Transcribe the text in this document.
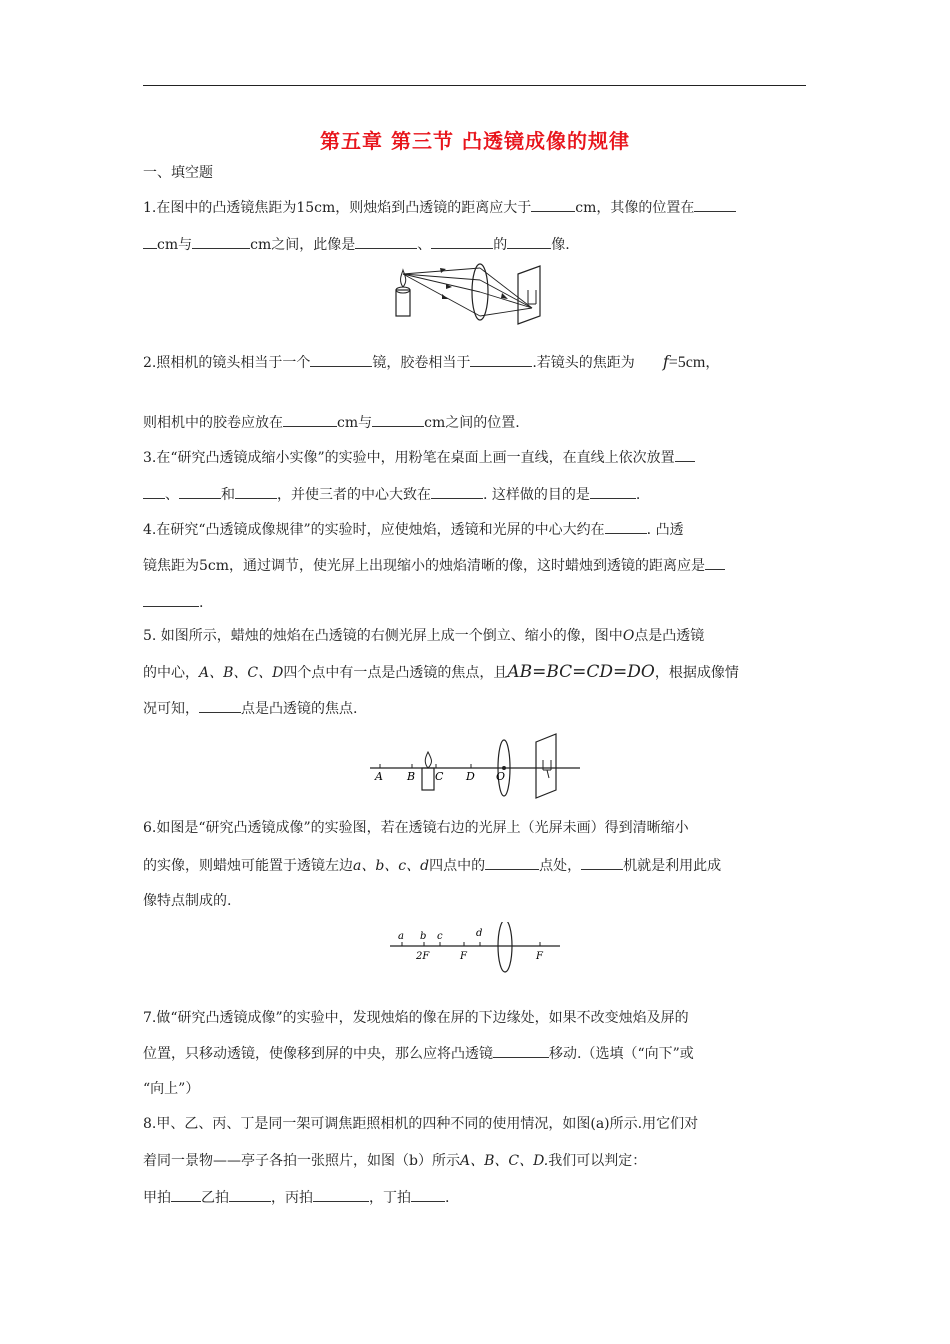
第五章 第三节 凸透镜成像的规律
一、填空题
1.在图中的凸透镜焦距为15cm，则烛焰到凸透镜的距离应大于	cm，其像的位置在
cm与	cm之间，此像是	、	的	像.
2.照相机的镜头相当于一个	镜，胶卷相当于	.若镜头的焦距为 f=5cm，
则相机中的胶卷应放在	cm与	cm之间的位置.
3.在“研究凸透镜成缩小实像”的实验中，用粉笔在桌面上画一直线，在直线上依次放置
、	和	，并使三者的中心大致在	. 这样做的目的是	.
4.在研究“凸透镜成像规律”的实验时，应使烛焰，透镜和光屏的中心大约在	. 凸透
镜焦距为5cm，通过调节，使光屏上出现缩小的烛焰清晰的像，这时蜡烛到透镜的距离应是
.
5. 如图所示，蜡烛的烛焰在凸透镜的右侧光屏上成一个倒立、缩小的像，图中O点是凸透镜
的中心，A、B、C、D四个点中有一点是凸透镜的焦点，且AB=BC=CD=DO，根据成像情
况可知，	点是凸透镜的焦点.
A B C D O
6.如图是“研究凸透镜成像”的实验图，若在透镜右边的光屏上（光屏未画）得到清晰缩小
的实像，则蜡烛可能置于透镜左边a、b、c、d四点中的	点处，	机就是利用此成
像特点制成的.
a b c	d
2F	F	F
7.做“研究凸透镜成像”的实验中，发现烛焰的像在屏的下边缘处，如果不改变烛焰及屏的
位置，只移动透镜，使像移到屏的中央，那么应将凸透镜	移动.（选填（“向下”或
“向上”）
8.甲、乙、丙、丁是同一架可调焦距照相机的四种不同的使用情况，如图(a)所示.用它们对
着同一景物——亭子各拍一张照片，如图（b）所示A、B、C、D.我们可以判定：
甲拍 乙拍	，丙拍	，丁拍 .
